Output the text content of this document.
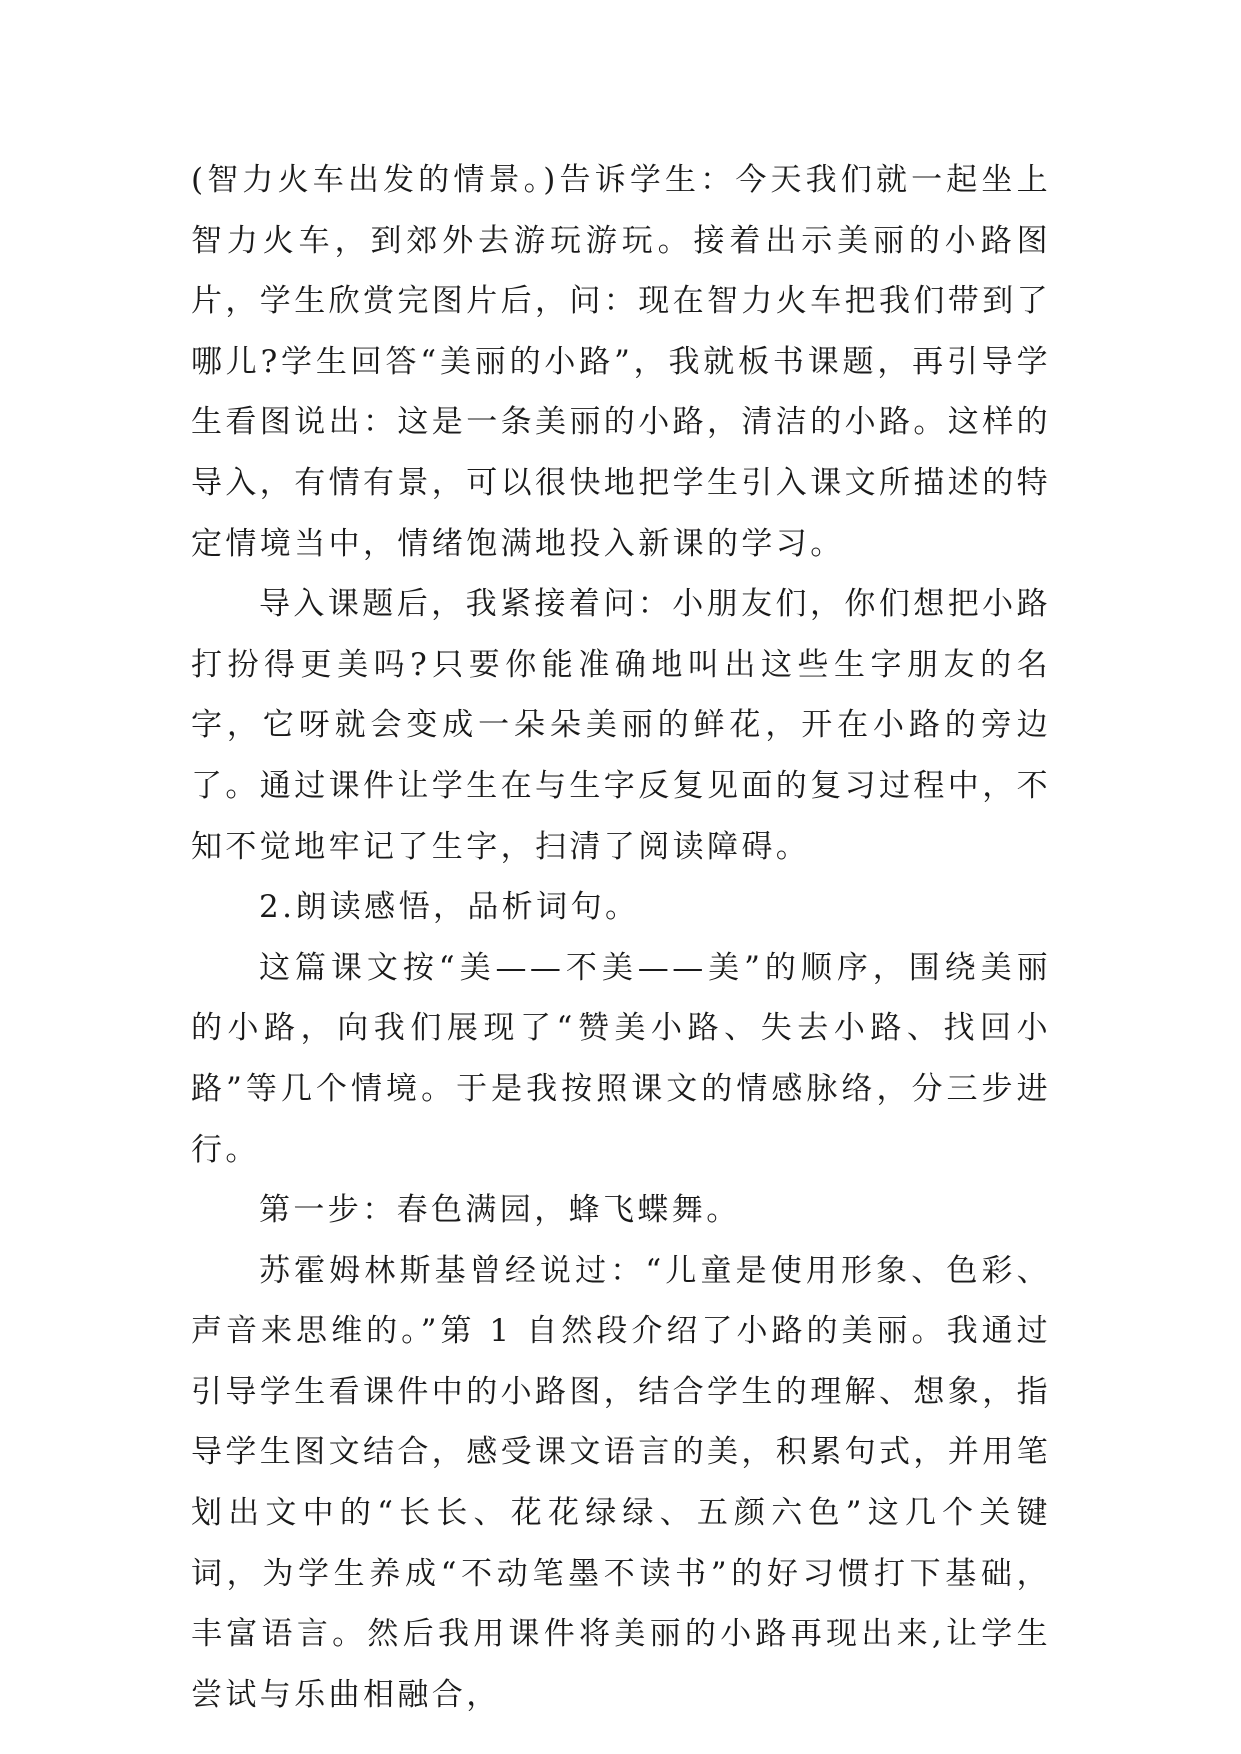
(智力火车出发的情景。)告诉学生：今天我们就一起坐上智力火车，到郊外去游玩游玩。接着出示美丽的小路图片，学生欣赏完图片后，问：现在智力火车把我们带到了哪儿?学生回答“美丽的小路”，我就板书课题，再引导学生看图说出：这是一条美丽的小路，清洁的小路。这样的导入，有情有景，可以很快地把学生引入课文所描述的特定情境当中，情绪饱满地投入新课的学习。

导入课题后，我紧接着问：小朋友们，你们想把小路打扮得更美吗?只要你能准确地叫出这些生字朋友的名字，它呀就会变成一朵朵美丽的鲜花，开在小路的旁边了。通过课件让学生在与生字反复见面的复习过程中，不知不觉地牢记了生字，扫清了阅读障碍。

2.朗读感悟，品析词句。

这篇课文按“美——不美——美”的顺序，围绕美丽的小路，向我们展现了“赞美小路、失去小路、找回小路”等几个情境。于是我按照课文的情感脉络，分三步进行。

第一步：春色满园，蜂飞蝶舞。

苏霍姆林斯基曾经说过：“儿童是使用形象、色彩、声音来思维的。”第 1 自然段介绍了小路的美丽。我通过引导学生看课件中的小路图，结合学生的理解、想象，指导学生图文结合，感受课文语言的美，积累句式，并用笔划出文中的“长长、花花绿绿、五颜六色”这几个关键词，为学生养成“不动笔墨不读书”的好习惯打下基础，丰富语言。然后我用课件将美丽的小路再现出来,让学生尝试与乐曲相融合，
